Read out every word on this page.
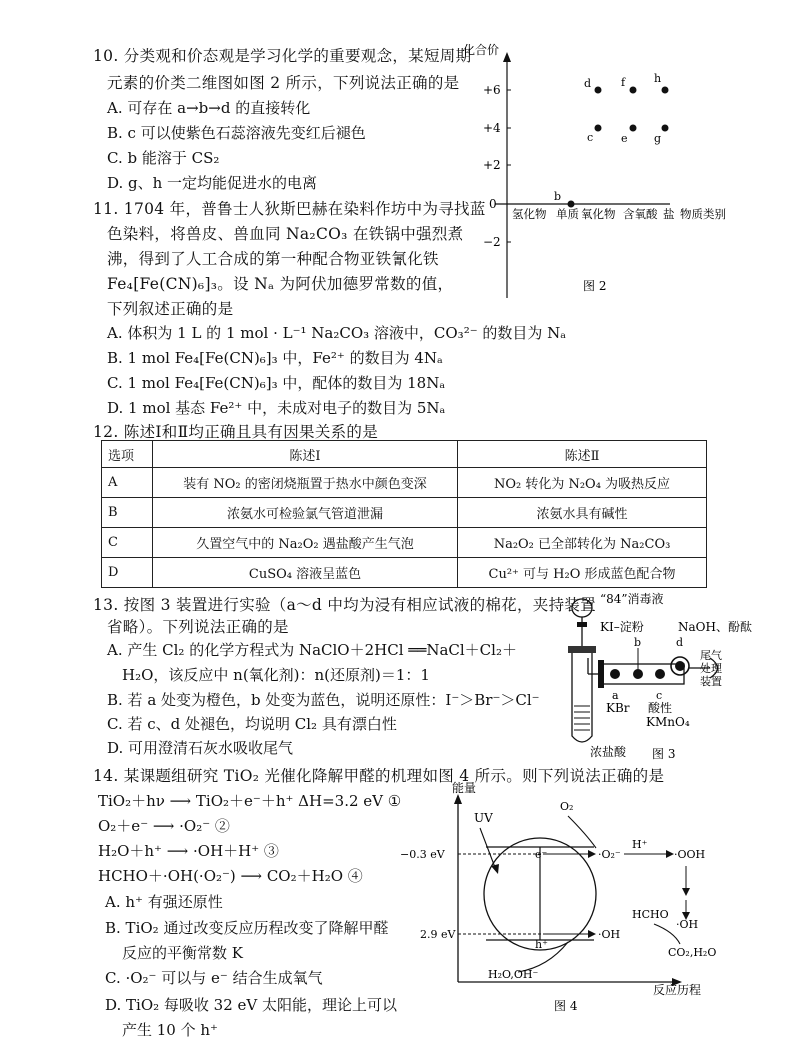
10. 分类观和价态观是学习化学的重要观念，某短周期
元素的价类二维图如图 2 所示，下列说法正确的是
A. 可存在 a→b→d 的直接转化
B. c 可以使紫色石蕊溶液先变红后褪色
C. b 能溶于 CS₂
D. g、h 一定均能促进水的电离
化合价
+6
+4
+2
0
−2
氢化物 单质 氧化物 含氧酸 盐 物质类别
b
d
c
f
e
h
g
图 2
11. 1704 年，普鲁士人狄斯巴赫在染料作坊中为寻找蓝
色染料，将兽皮、兽血同 Na₂CO₃ 在铁锅中强烈煮
沸，得到了人工合成的第一种配合物亚铁氰化铁
Fe₄[Fe(CN)₆]₃。设 Nₐ 为阿伏加德罗常数的值，
下列叙述正确的是
A. 体积为 1 L 的 1 mol · L⁻¹ Na₂CO₃ 溶液中，CO₃²⁻ 的数目为 Nₐ
B. 1 mol Fe₄[Fe(CN)₆]₃ 中，Fe²⁺ 的数目为 4Nₐ
C. 1 mol Fe₄[Fe(CN)₆]₃ 中，配体的数目为 18Nₐ
D. 1 mol 基态 Fe²⁺ 中，未成对电子的数目为 5Nₐ
12. 陈述Ⅰ和Ⅱ均正确且具有因果关系的是
选项	陈述Ⅰ	陈述Ⅱ
A	装有 NO₂ 的密闭烧瓶置于热水中颜色变深	NO₂ 转化为 N₂O₄ 为吸热反应
B	浓氨水可检验氯气管道泄漏	浓氨水具有碱性
C	久置空气中的 Na₂O₂ 遇盐酸产生气泡	Na₂O₂ 已全部转化为 Na₂CO₃
D	CuSO₄ 溶液呈蓝色	Cu²⁺ 可与 H₂O 形成蓝色配合物
13. 按图 3 装置进行实验（a～d 中均为浸有相应试液的棉花，夹持装置
省略）。下列说法正确的是
A. 产生 Cl₂ 的化学方程式为 NaClO＋2HCl ══NaCl＋Cl₂＋
H₂O，该反应中 n(氧化剂)：n(还原剂)＝1：1
B. 若 a 处变为橙色，b 处变为蓝色，说明还原性：I⁻＞Br⁻＞Cl⁻
C. 若 c、d 处褪色，均说明 Cl₂ 具有漂白性
D. 可用澄清石灰水吸收尾气
“84”消毒液
浓盐酸
KI–淀粉
b
NaOH、酚酞
d
a
KBr
c
酸性
KMnO₄
尾气
处理
装置
图 3
14. 某课题组研究 TiO₂ 光催化降解甲醛的机理如图 4 所示。则下列说法正确的是
TiO₂＋hν ⟶ TiO₂＋e⁻＋h⁺ ΔH=3.2 eV ①
O₂＋e⁻ ⟶ ·O₂⁻ ②
H₂O＋h⁺ ⟶ ·OH＋H⁺ ③
HCHO＋·OH(·O₂⁻) ⟶ CO₂＋H₂O ④
A. h⁺ 有强还原性
B. TiO₂ 通过改变反应历程改变了降解甲醛
反应的平衡常数 K
C. ·O₂⁻ 可以与 e⁻ 结合生成氧气
D. TiO₂ 每吸收 32 eV 太阳能，理论上可以
产生 10 个 h⁺
能量
反应历程
−0.3 eV
2.9 eV
e⁻
h⁺
UV
O₂
·O₂⁻
H⁺
·OOH
·OH
H₂O,OH⁻
HCHO
·OH
CO₂,H₂O
图 4
